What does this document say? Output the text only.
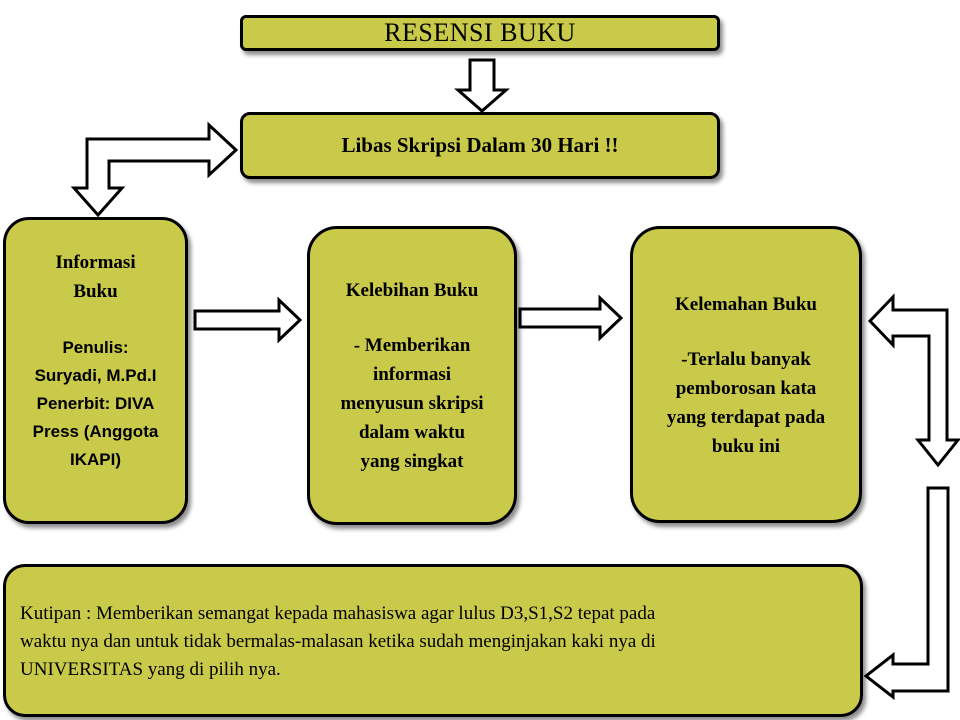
RESENSI BUKU
Libas Skripsi Dalam 30 Hari !!
Informasi
Buku
Penulis:
Suryadi, M.Pd.I
Penerbit: DIVA
Press (Anggota
IKAPI)
Kelebihan Buku
- Memberikan
informasi
menyusun skripsi
dalam waktu
yang singkat
Kelemahan Buku
-Terlalu banyak
pemborosan kata
yang terdapat pada
buku ini
Kutipan : Memberikan semangat kepada mahasiswa agar lulus D3,S1,S2 tepat pada
waktu nya dan untuk tidak bermalas-malasan ketika sudah menginjakan kaki nya di
UNIVERSITAS yang di pilih nya.
